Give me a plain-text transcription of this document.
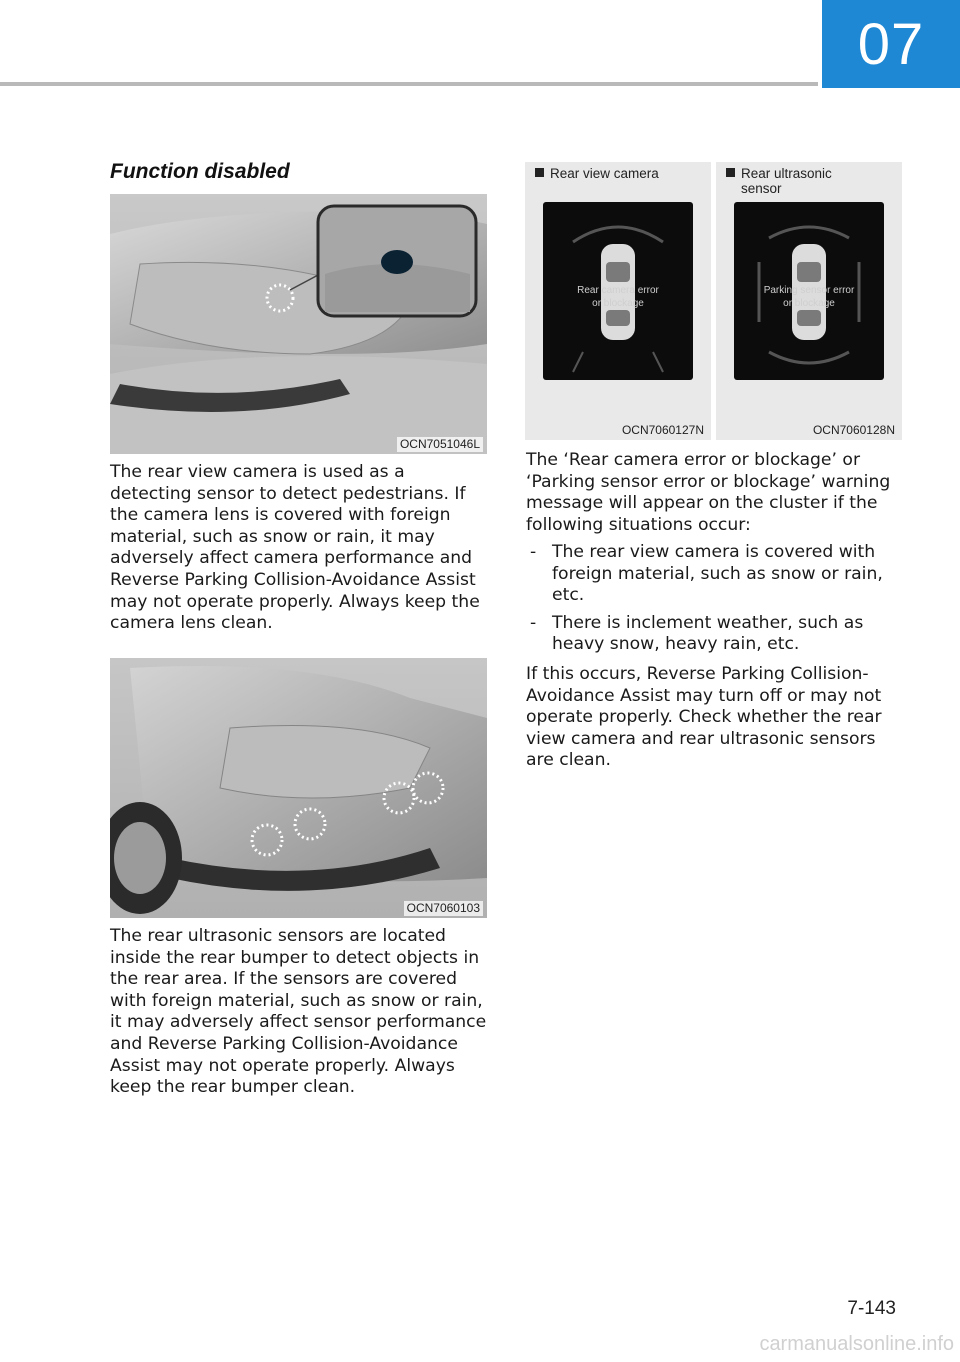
07
Function disabled
OCN7051046L

The rear view camera is used as a detecting sensor to detect pedestrians. If the camera lens is covered with foreign material, such as snow or rain, it may adversely affect camera performance and Reverse Parking Collision-Avoidance Assist may not operate properly. Always keep the camera lens clean.

OCN7060103

The rear ultrasonic sensors are located inside the rear bumper to detect objects in the rear area. If the sensors are covered with foreign material, such as snow or rain, it may adversely affect sensor performance and Reverse Parking Collision-Avoidance Assist may not operate properly. Always keep the rear bumper clean.

Rear view camera
Rear camera error
or blockage
OCN7060127N
Rear ultrasonic
sensor
Parking sensor error
or blockage
OCN7060128N

The ‘Rear camera error or blockage’ or ‘Parking sensor error or blockage’ warning message will appear on the cluster if the following situations occur:

- The rear view camera is covered with foreign material, such as snow or rain, etc.
- There is inclement weather, such as heavy snow, heavy rain, etc.

If this occurs, Reverse Parking Collision-Avoidance Assist may turn off or may not operate properly. Check whether the rear view camera and rear ultrasonic sensors are clean.

7-143
carmanualsonline.info
